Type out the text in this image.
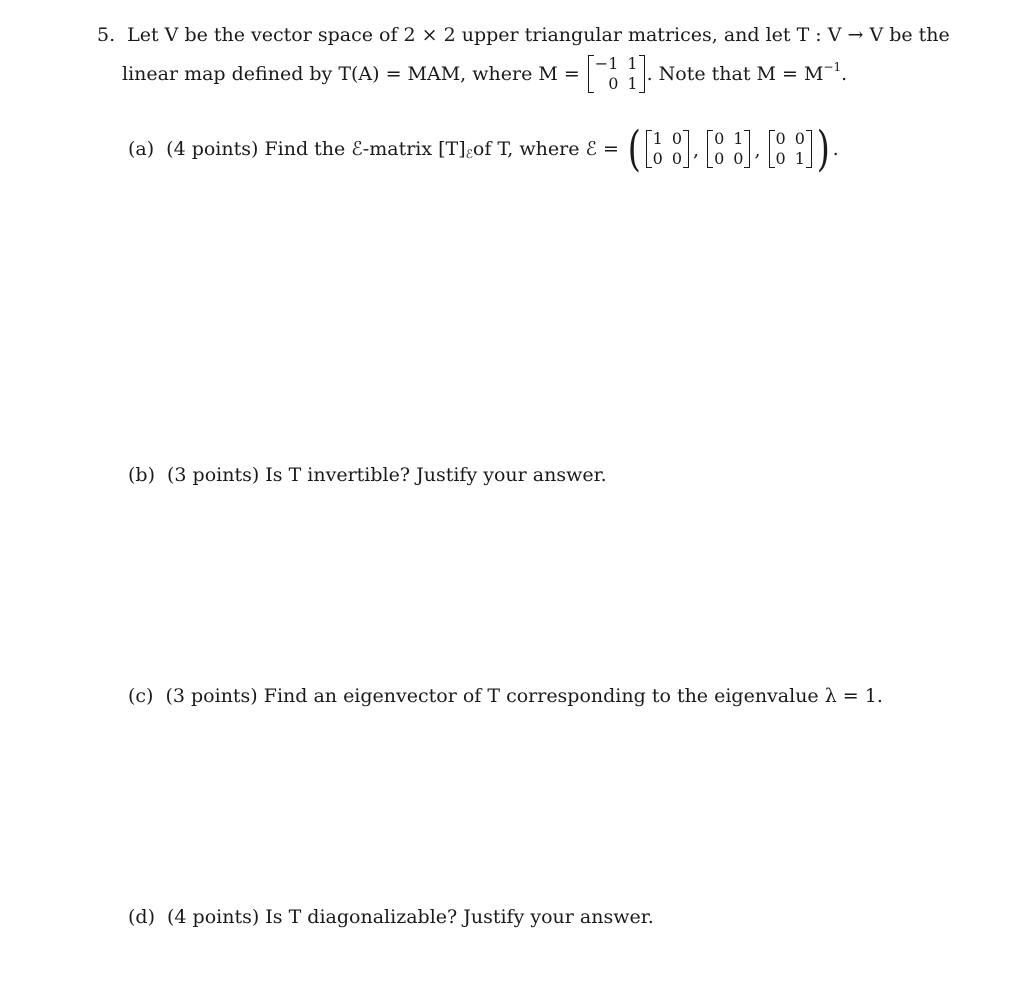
5. Let V be the vector space of 2 × 2 upper triangular matrices, and let T : V → V be the
linear map defined by T(A) = MAM, where M = −1 1
0 1 . Note that $M = M^{-1}$ .
(a) (4 points) Find the ℰ-matrix $[T]_ℰ$ of T, where ℰ = ( 1 0
0 0 ,
0 1
0 0 ,
0 0
0 1 ) .
(b) (3 points) Is T invertible? Justify your answer.
(c) (3 points) Find an eigenvector of T corresponding to the eigenvalue λ = 1.
(d) (4 points) Is T diagonalizable? Justify your answer.
